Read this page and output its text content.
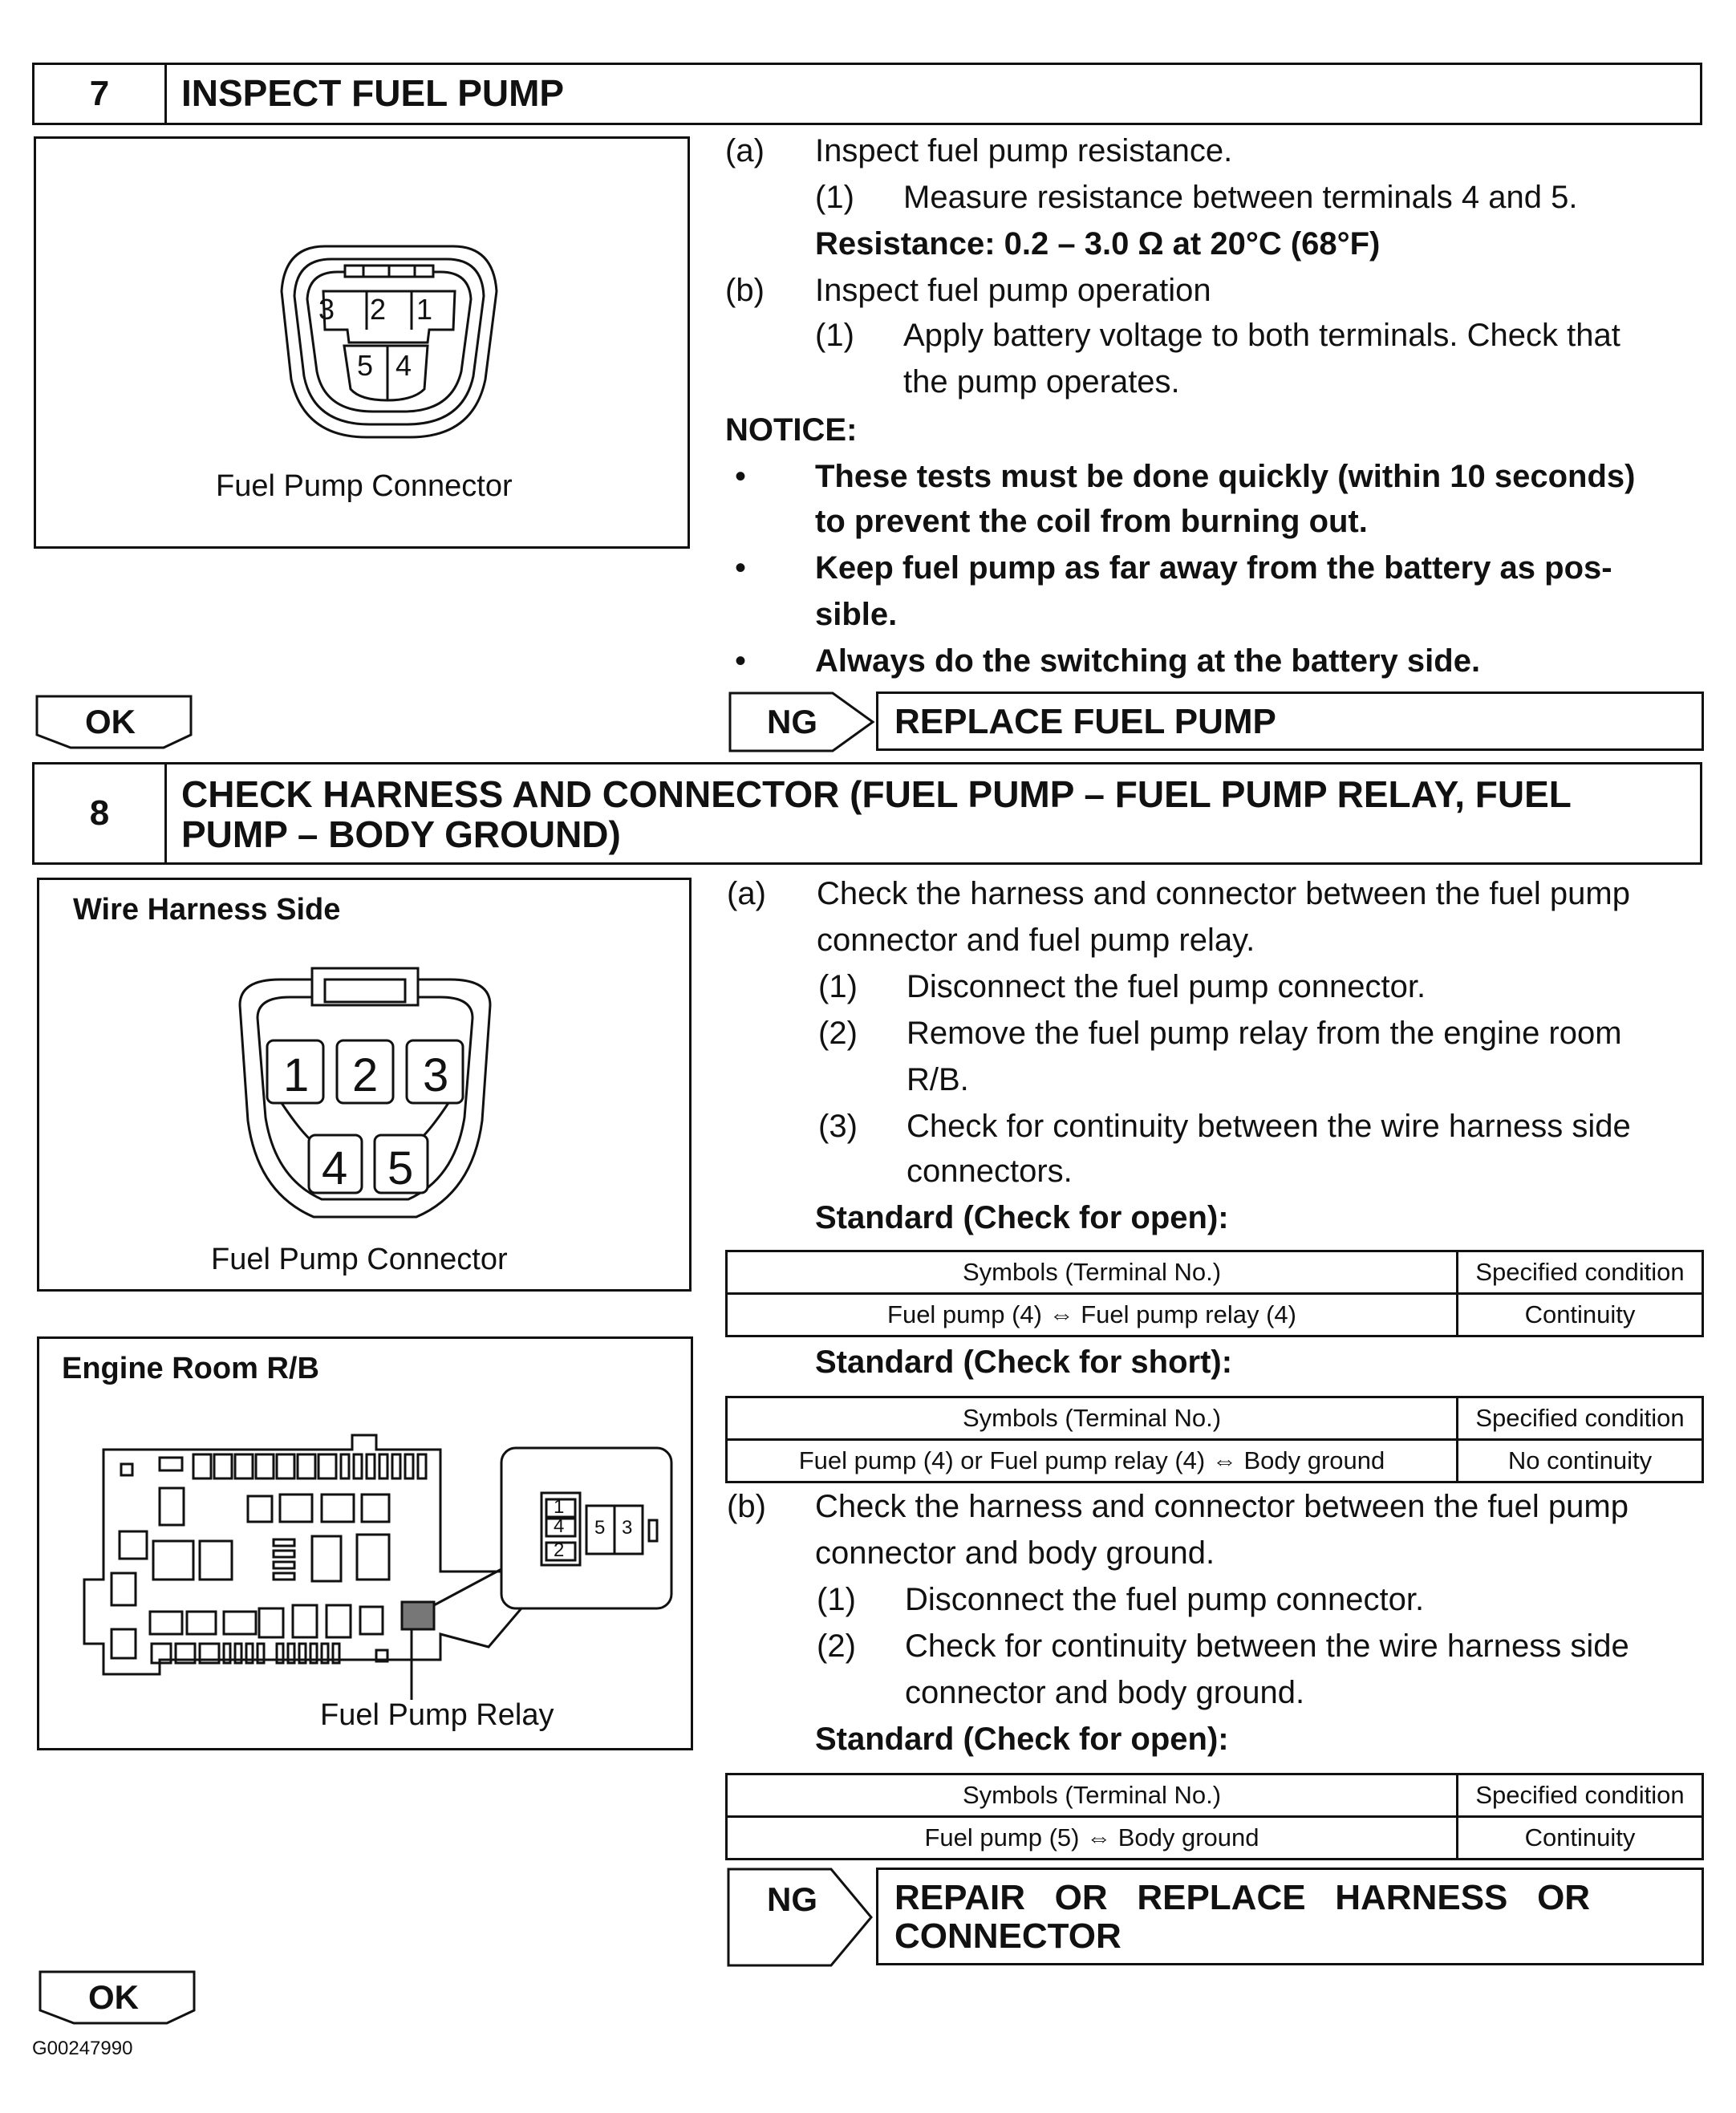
7	INSPECT FUEL PUMP
3 2 1
5 4
Fuel Pump Connector
(a) Inspect fuel pump resistance.
(1) Measure resistance between terminals 4 and 5.
Resistance: 0.2 – 3.0 Ω at 20°C (68°F)
(b) Inspect fuel pump operation
(1) Apply battery voltage to both terminals. Check that
the pump operates.
NOTICE:
• These tests must be done quickly (within 10 seconds)
to prevent the coil from burning out.
• Keep fuel pump as far away from the battery as pos-
sible.
• Always do the switching at the battery side.
OK	NG REPLACE FUEL PUMP
8	CHECK HARNESS AND CONNECTOR (FUEL PUMP – FUEL PUMP RELAY, FUEL
PUMP – BODY GROUND)
Wire Harness Side
1 2 3
4 5
Fuel Pump Connector
Engine Room R/B
1
4
2
5 3
Fuel Pump Relay
(a) Check the harness and connector between the fuel pump
connector and fuel pump relay.
(1) Disconnect the fuel pump connector.
(2) Remove the fuel pump relay from the engine room
R/B.
(3) Check for continuity between the wire harness side
connectors.
Standard (Check for open):
Symbols (Terminal No.)	Specified condition
Fuel pump (4) ⇔ Fuel pump relay (4)	Continuity
Standard (Check for short):
Symbols (Terminal No.)	Specified condition
Fuel pump (4) or Fuel pump relay (4) ⇔ Body ground	No continuity
(b) Check the harness and connector between the fuel pump
connector and body ground.
(1) Disconnect the fuel pump connector.
(2) Check for continuity between the wire harness side
connector and body ground.
Standard (Check for open):
Symbols (Terminal No.)	Specified condition
Fuel pump (5) ⇔ Body ground	Continuity
NG REPAIR   OR   REPLACE   HARNESS   OR
CONNECTOR
OK
G00247990
